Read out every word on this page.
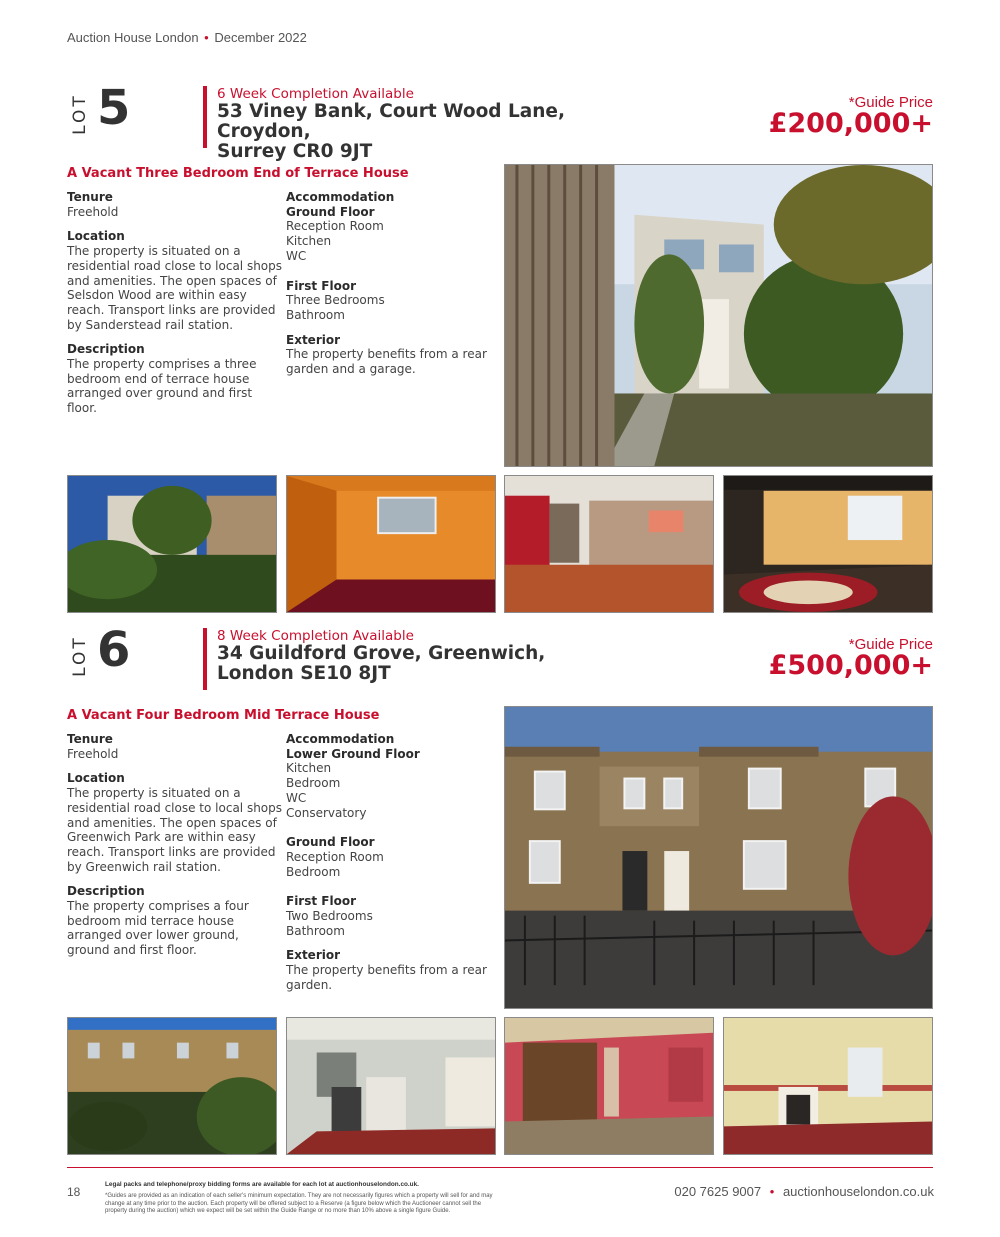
Auction House London • December 2022
LOT 5	6 Week Completion Available
53 Viney Bank, Court Wood Lane, Croydon,
Surrey CR0 9JT
*Guide Price
£200,000+
A Vacant Three Bedroom End of Terrace House
Tenure
Freehold
Location
The property is situated on a
residential road close to local shops
and amenities. The open spaces of
Selsdon Wood are within easy
reach. Transport links are provided
by Sanderstead rail station.
Description
The property comprises a three
bedroom end of terrace house
arranged over ground and first
floor.
Accommodation
Ground Floor
Reception Room
Kitchen
WC
First Floor
Three Bedrooms
Bathroom
Exterior
The property benefits from a rear
garden and a garage.
LOT 6	8 Week Completion Available
34 Guildford Grove, Greenwich,
London SE10 8JT
*Guide Price
£500,000+
A Vacant Four Bedroom Mid Terrace House
Tenure
Freehold
Location
The property is situated on a
residential road close to local shops
and amenities. The open spaces of
Greenwich Park are within easy
reach. Transport links are provided
by Greenwich rail station.
Description
The property comprises a four
bedroom mid terrace house
arranged over lower ground,
ground and first floor.
Accommodation
Lower Ground Floor
Kitchen
Bedroom
WC
Conservatory
Ground Floor
Reception Room
Bedroom
First Floor
Two Bedrooms
Bathroom
Exterior
The property benefits from a rear
garden.
18
Legal packs and telephone/proxy bidding forms are available for each lot at auctionhouselondon.co.uk.
*Guides are provided as an indication of each seller's minimum expectation. They are not necessarily figures which a property will sell for and may
change at any time prior to the auction. Each property will be offered subject to a Reserve (a figure below which the Auctioneer cannot sell the
property during the auction) which we expect will be set within the Guide Range or no more than 10% above a single figure Guide.
020 7625 9007 • auctionhouselondon.co.uk
